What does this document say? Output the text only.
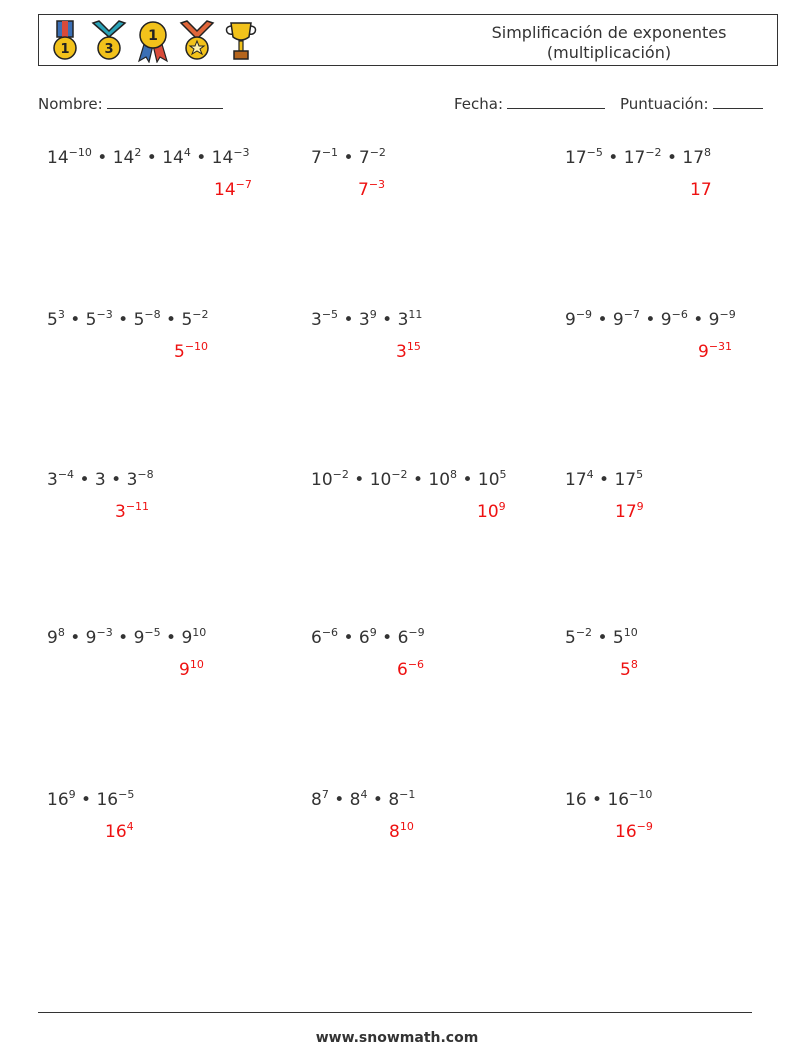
1	3
1	Simplificación de exponentes
(multiplicación)
Nombre:	Fecha:	Puntuación:
$14^{-10}$ • $14^2$ • $14^4$ • $14^{-3}$
$14^{-7}$
$7^{-1}$ • $7^{-2}$
$7^{-3}$
$17^{-5}$ • $17^{-2}$ • $17^8$
17
$5^3$ • $5^{-3}$ • $5^{-8}$ • $5^{-2}$
$5^{-10}$
$3^{-5}$ • $3^9$ • $3^{11}$
$3^{15}$
$9^{-9}$ • $9^{-7}$ • $9^{-6}$ • $9^{-9}$
$9^{-31}$
$3^{-4}$ • 3 • $3^{-8}$
$3^{-11}$
$10^{-2}$ • $10^{-2}$ • $10^8$ • $10^5$
$10^9$
$17^4$ • $17^5$
$17^9$
$9^8$ • $9^{-3}$ • $9^{-5}$ • $9^{10}$
$9^{10}$
$6^{-6}$ • $6^9$ • $6^{-9}$
$6^{-6}$
$5^{-2}$ • $5^{10}$
$5^8$
$16^9$ • $16^{-5}$
$16^4$
$8^7$ • $8^4$ • $8^{-1}$
$8^{10}$
16 • $16^{-10}$
$16^{-9}$
www.snowmath.com
